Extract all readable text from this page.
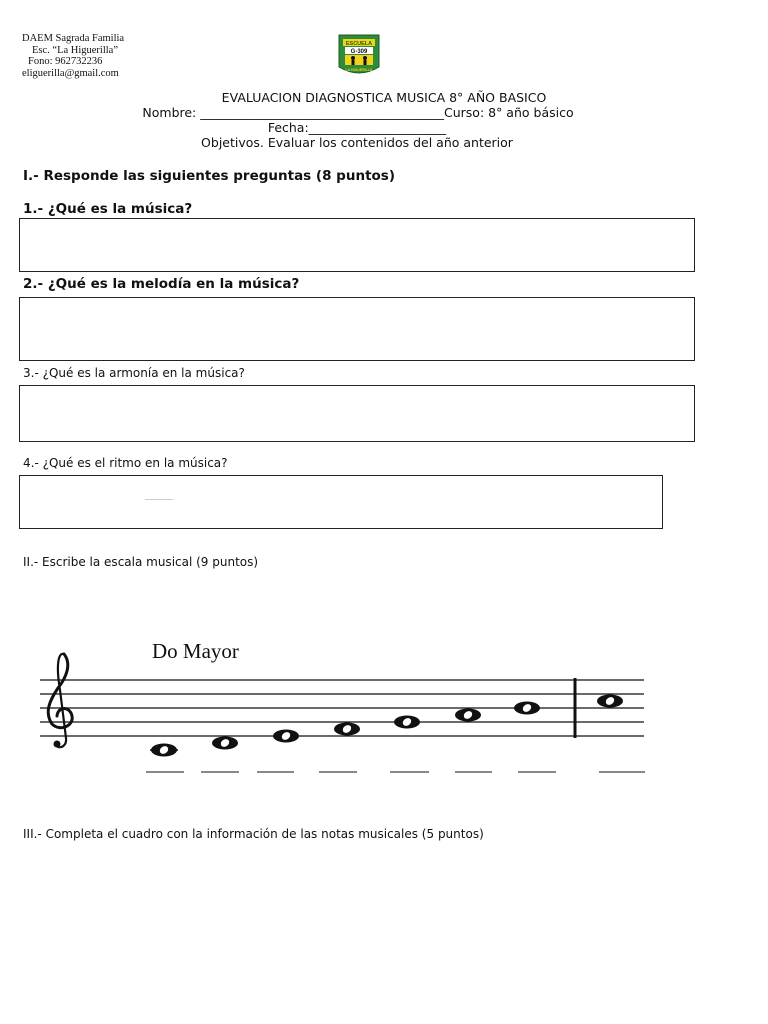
DAEM Sagrada Familia
Esc. “La Higuerilla”
Fono: 962732236
eliguerilla@gmail.com
ESCUELA
G-309
LA HIGUERILLA
EVALUACION DIAGNOSTICA MUSICA 8° AÑO BASICO
Nombre: _______________________________________Curso: 8° año básico
Fecha:______________________
Objetivos. Evaluar los contenidos del año anterior
I.- Responde las siguientes preguntas (8 puntos)
1.- ¿Qué es la música?
2.- ¿Qué es la melodía en la música?
3.- ¿Qué es la armonía en la música?
4.- ¿Qué es el ritmo en la música?
II.- Escribe la escala musical (9 puntos)
Do Mayor
III.- Completa el cuadro con la información de las notas musicales (5 puntos)
